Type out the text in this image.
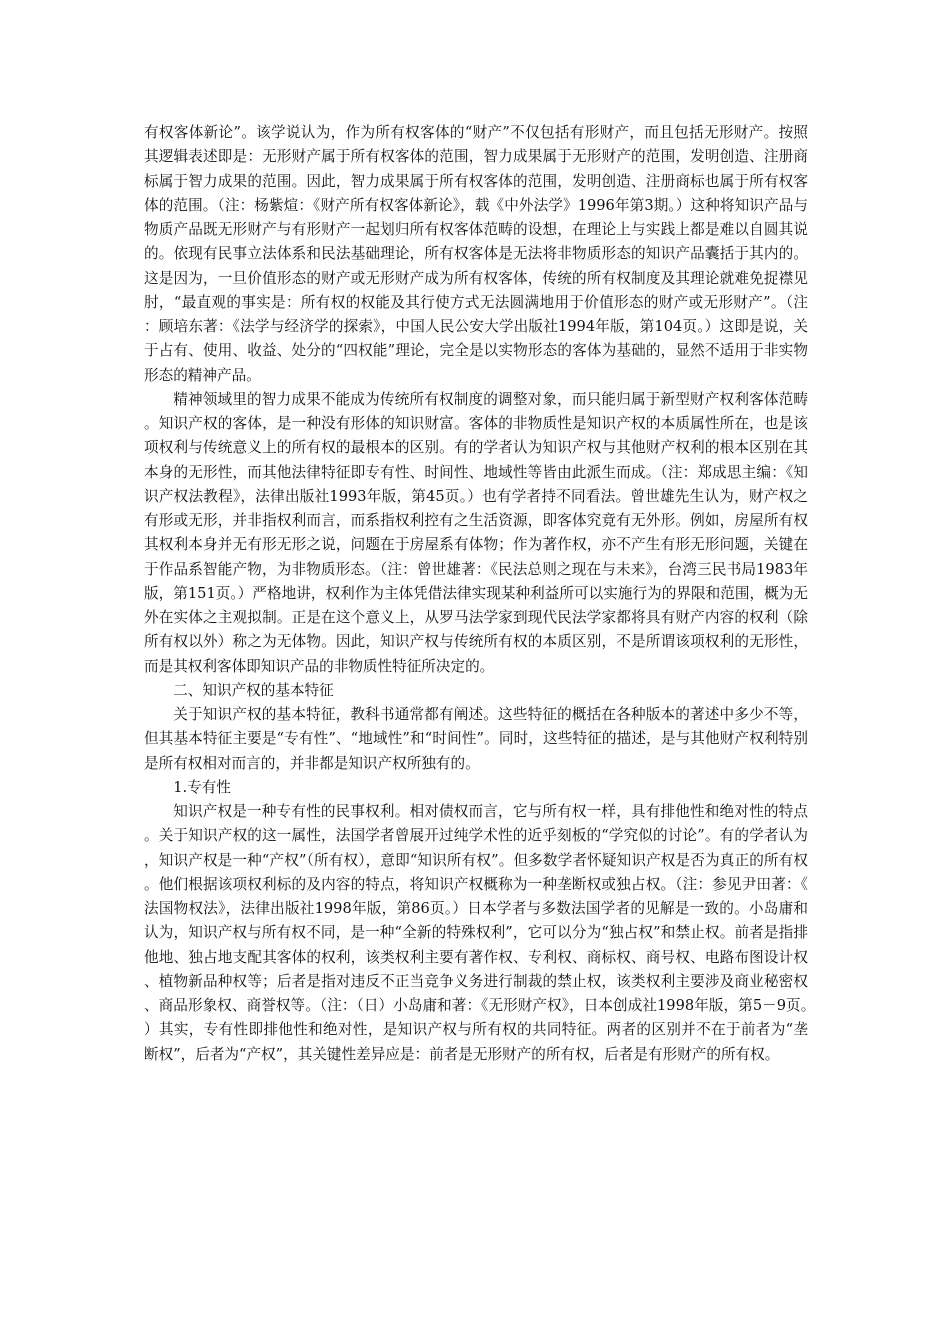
有权客体新论”。该学说认为，作为所有权客体的“财产”不仅包括有形财产，而且包括无形财产。按照其逻辑表述即是：无形财产属于所有权客体的范围，智力成果属于无形财产的范围，发明创造、注册商标属于智力成果的范围。因此，智力成果属于所有权客体的范围，发明创造、注册商标也属于所有权客体的范围。（注：杨紫煊：《财产所有权客体新论》，载《中外法学》1996年第3期。）这种将知识产品与物质产品既无形财产与有形财产一起划归所有权客体范畴的设想，在理论上与实践上都是难以自圆其说的。依现有民事立法体系和民法基础理论，所有权客体是无法将非物质形态的知识产品囊括于其内的。这是因为，一旦价值形态的财产或无形财产成为所有权客体，传统的所有权制度及其理论就难免捉襟见肘，“最直观的事实是：所有权的权能及其行使方式无法圆满地用于价值形态的财产或无形财产”。（注：顾培东著：《法学与经济学的探索》，中国人民公安大学出版社1994年版，第104页。）这即是说，关于占有、使用、收益、处分的“四权能”理论，完全是以实物形态的客体为基础的，显然不适用于非实物形态的精神产品。

精神领域里的智力成果不能成为传统所有权制度的调整对象，而只能归属于新型财产权利客体范畴。知识产权的客体，是一种没有形体的知识财富。客体的非物质性是知识产权的本质属性所在，也是该项权利与传统意义上的所有权的最根本的区别。有的学者认为知识产权与其他财产权利的根本区别在其本身的无形性，而其他法律特征即专有性、时间性、地域性等皆由此派生而成。（注：郑成思主编：《知识产权法教程》，法律出版社1993年版，第45页。）也有学者持不同看法。曾世雄先生认为，财产权之有形或无形，并非指权利而言，而系指权利控有之生活资源，即客体究竟有无外形。例如，房屋所有权其权利本身并无有形无形之说，问题在于房屋系有体物；作为著作权，亦不产生有形无形问题，关键在于作品系智能产物，为非物质形态。（注：曾世雄著：《民法总则之现在与未来》，台湾三民书局1983年版，第151页。）严格地讲，权利作为主体凭借法律实现某种利益所可以实施行为的界限和范围，概为无外在实体之主观拟制。正是在这个意义上，从罗马法学家到现代民法学家都将具有财产内容的权利（除所有权以外）称之为无体物。因此，知识产权与传统所有权的本质区别，不是所谓该项权利的无形性，而是其权利客体即知识产品的非物质性特征所决定的。

二、知识产权的基本特征

关于知识产权的基本特征，教科书通常都有阐述。这些特征的概括在各种版本的著述中多少不等，但其基本特征主要是“专有性”、“地域性”和“时间性”。同时，这些特征的描述，是与其他财产权利特别是所有权相对而言的，并非都是知识产权所独有的。

1.专有性

知识产权是一种专有性的民事权利。相对债权而言，它与所有权一样，具有排他性和绝对性的特点。关于知识产权的这一属性，法国学者曾展开过纯学术性的近乎刻板的“学究似的讨论”。有的学者认为，知识产权是一种“产权”（所有权），意即“知识所有权”。但多数学者怀疑知识产权是否为真正的所有权。他们根据该项权利标的及内容的特点，将知识产权概称为一种垄断权或独占权。（注：参见尹田著：《法国物权法》，法律出版社1998年版，第86页。）日本学者与多数法国学者的见解是一致的。小岛庸和认为，知识产权与所有权不同，是一种“全新的特殊权利”，它可以分为“独占权”和禁止权。前者是指排他地、独占地支配其客体的权利，该类权利主要有著作权、专利权、商标权、商号权、电路布图设计权、植物新品种权等；后者是指对违反不正当竞争义务进行制裁的禁止权，该类权利主要涉及商业秘密权、商品形象权、商誉权等。（注：（日）小岛庸和著：《无形财产权》，日本创成社1998年版，第5－9页。）其实，专有性即排他性和绝对性，是知识产权与所有权的共同特征。两者的区别并不在于前者为“垄断权”，后者为“产权”，其关键性差异应是：前者是无形财产的所有权，后者是有形财产的所有权。
